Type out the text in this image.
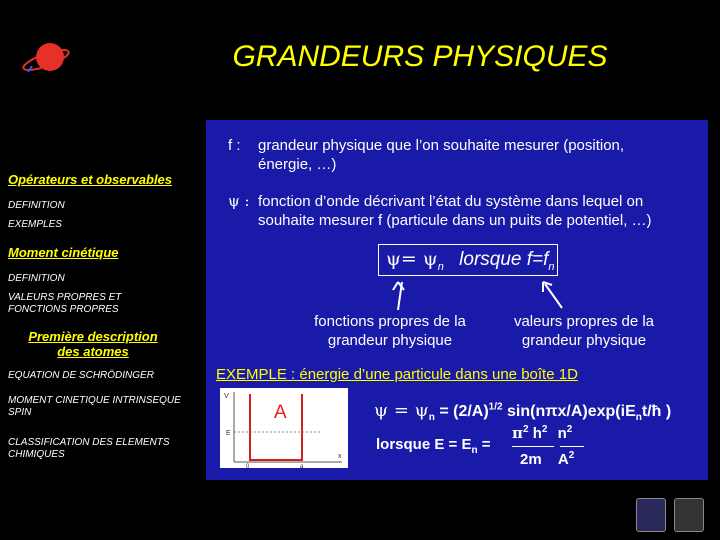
GRANDEURS PHYSIQUES
Opérateurs et observables
DEFINITION
EXEMPLES
Moment cinétique
DEFINITION
VALEURS PROPRES ET
FONCTIONS PROPRES
Première description
des atomes
EQUATION DE SCHRÖDINGER
MOMENT CINETIQUE INTRINSEQUE
SPIN
CLASSIFICATION DES ELEMENTS
CHIMIQUES
f : grandeur physique que l’on souhaite mesurer (position,
énergie, …)
ψ : fonction d’onde décrivant l’état du système dans lequel on
souhaite mesurer f (particule dans un puits de potentiel, …)
$\psi= \psi_n$ lorsque $f=f_n$
fonctions propres de la
grandeur physique
valeurs propres de la
grandeur physique
EXEMPLE : énergie d’une particule dans une boîte 1D
V
x
0	a
E
A	$\psi = \psi_n = (2/A)^{1/2}$ $\sin(n\pi x/A)\exp(iE_nt/ħ$ )
lorsque $E = E_n$ =
$\pi^2$ $h^2$ $n^2$
2m $A^2$
